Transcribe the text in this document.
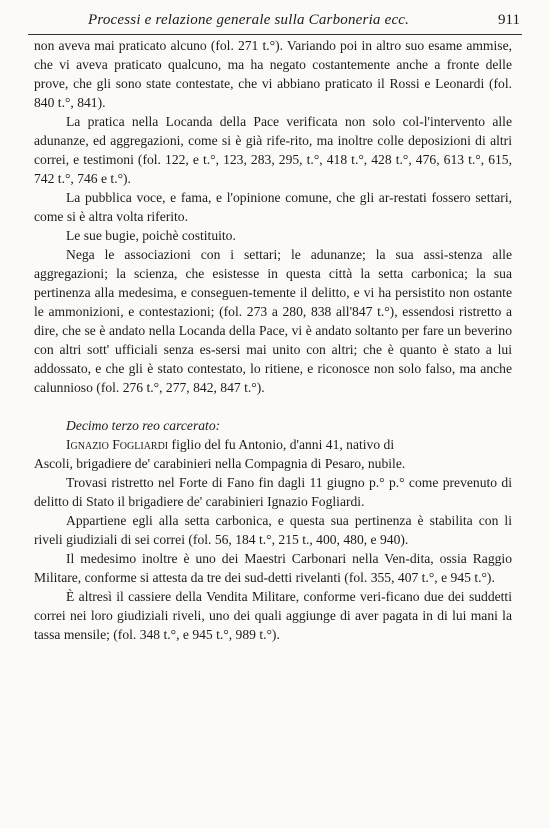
Processi e relazione generale sulla Carboneria ecc.	911

non aveva mai praticato alcuno (fol. 271 t.°). Variando poi in altro suo esame ammise, che vi aveva praticato qualcuno, ma ha negato costantemente anche a fronte delle prove, che gli sono state contestate, che vi abbiano praticato il Rossi e Leonardi (fol. 840 t.°, 841).

La pratica nella Locanda della Pace verificata non solo col-l'intervento alle adunanze, ed aggregazioni, come si è già rife-rito, ma inoltre colle deposizioni di altri correi, e testimoni (fol. 122, e t.°, 123, 283, 295, t.°, 418 t.°, 428 t.°, 476, 613 t.°, 615, 742 t.°, 746 e t.°).

La pubblica voce, e fama, e l'opinione comune, che gli ar-restati fossero settari, come si è altra volta riferito.

Le sue bugie, poichè costituito.

Nega le associazioni con i settari; le adunanze; la sua assi-stenza alle aggregazioni; la scienza, che esistesse in questa città la setta carbonica; la sua pertinenza alla medesima, e conseguen-temente il delitto, e vi ha persistito non ostante le ammonizioni, e contestazioni; (fol. 273 a 280, 838 all'847 t.°), essendosi ristretto a dire, che se è andato nella Locanda della Pace, vi è andato soltanto per fare un beverino con altri sott' ufficiali senza es-sersi mai unito con altri; che è quanto è stato a lui addossato, e che gli è stato contestato, lo ritiene, e riconosce non solo falso, ma anche calunnioso (fol. 276 t.°, 277, 842, 847 t.°).

Decimo terzo reo carcerato:

Ignazio Fogliardi figlio del fu Antonio, d'anni 41, nativo di

Ascoli, brigadiere de' carabinieri nella Compagnia di Pesaro, nubile.

Trovasi ristretto nel Forte di Fano fin dagli 11 giugno p.° p.° come prevenuto di delitto di Stato il brigadiere de' carabinieri Ignazio Fogliardi.

Appartiene egli alla setta carbonica, e questa sua pertinenza è stabilita con li riveli giudiziali di sei correi (fol. 56, 184 t.°, 215 t., 400, 480, e 940).

Il medesimo inoltre è uno dei Maestri Carbonari nella Ven-dita, ossia Raggio Militare, conforme si attesta da tre dei sud-detti rivelanti (fol. 355, 407 t.°, e 945 t.°).

È altresì il cassiere della Vendita Militare, conforme veri-ficano due dei suddetti correi nei loro giudiziali riveli, uno dei quali aggiunge di aver pagata in di lui mani la tassa mensile; (fol. 348 t.°, e 945 t.°, 989 t.°).
